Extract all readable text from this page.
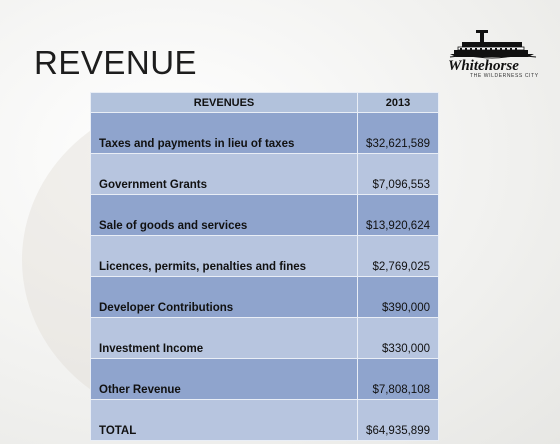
REVENUE	Whitehorse
THE WILDERNESS CITY
REVENUES	2013
Taxes and payments in lieu of taxes	$32,621,589
Government Grants	$7,096,553
Sale of goods and services	$13,920,624
Licences, permits, penalties and fines	$2,769,025
Developer Contributions	$390,000
Investment Income	$330,000
Other Revenue	$7,808,108
TOTAL	$64,935,899
